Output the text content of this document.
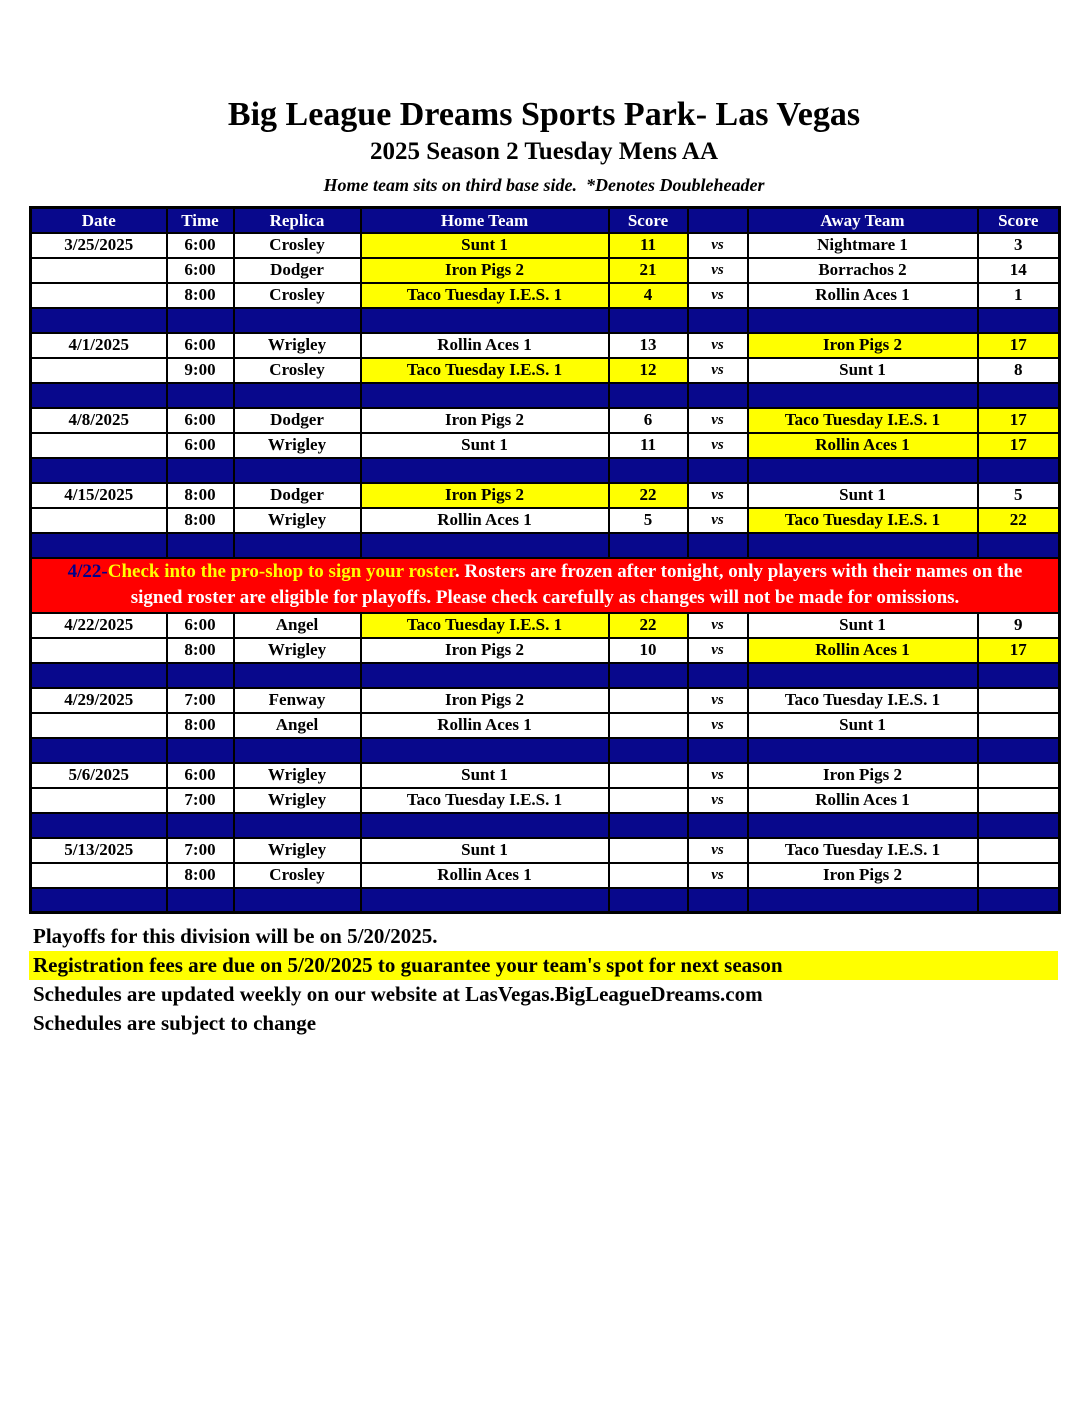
Big League Dreams Sports Park- Las Vegas
2025 Season 2 Tuesday Mens AA
Home team sits on third base side.  *Denotes Doubleheader
Date	Time	Replica	Home Team	Score		Away Team	Score
3/25/2025	6:00	Crosley	Sunt 1	11	vs	Nightmare 1	3
	6:00	Dodger	Iron Pigs 2	21	vs	Borrachos 2	14
	8:00	Crosley	Taco Tuesday I.E.S. 1	4	vs	Rollin Aces 1	1

4/1/2025	6:00	Wrigley	Rollin Aces 1	13	vs	Iron Pigs 2	17
	9:00	Crosley	Taco Tuesday I.E.S. 1	12	vs	Sunt 1	8

4/8/2025	6:00	Dodger	Iron Pigs 2	6	vs	Taco Tuesday I.E.S. 1	17
	6:00	Wrigley	Sunt 1	11	vs	Rollin Aces 1	17

4/15/2025	8:00	Dodger	Iron Pigs 2	22	vs	Sunt 1	5
	8:00	Wrigley	Rollin Aces 1	5	vs	Taco Tuesday I.E.S. 1	22

4/22-Check into the pro-shop to sign your roster. Rosters are frozen after tonight, only players with their names on the
signed roster are eligible for playoffs. Please check carefully as changes will not be made for omissions.							

4/22/2025	6:00	Angel	Taco Tuesday I.E.S. 1	22	vs	Sunt 1	9
	8:00	Wrigley	Iron Pigs 2	10	vs	Rollin Aces 1	17

4/29/2025	7:00	Fenway	Iron Pigs 2		vs	Taco Tuesday I.E.S. 1	
	8:00	Angel	Rollin Aces 1		vs	Sunt 1	

5/6/2025	6:00	Wrigley	Sunt 1		vs	Iron Pigs 2	
	7:00	Wrigley	Taco Tuesday I.E.S. 1		vs	Rollin Aces 1	

5/13/2025	7:00	Wrigley	Sunt 1		vs	Taco Tuesday I.E.S. 1	
	8:00	Crosley	Rollin Aces 1		vs	Iron Pigs 2	

Playoffs for this division will be on 5/20/2025.
Registration fees are due on 5/20/2025 to guarantee your team's spot for next season
Schedules are updated weekly on our website at LasVegas.BigLeagueDreams.com
Schedules are subject to change
